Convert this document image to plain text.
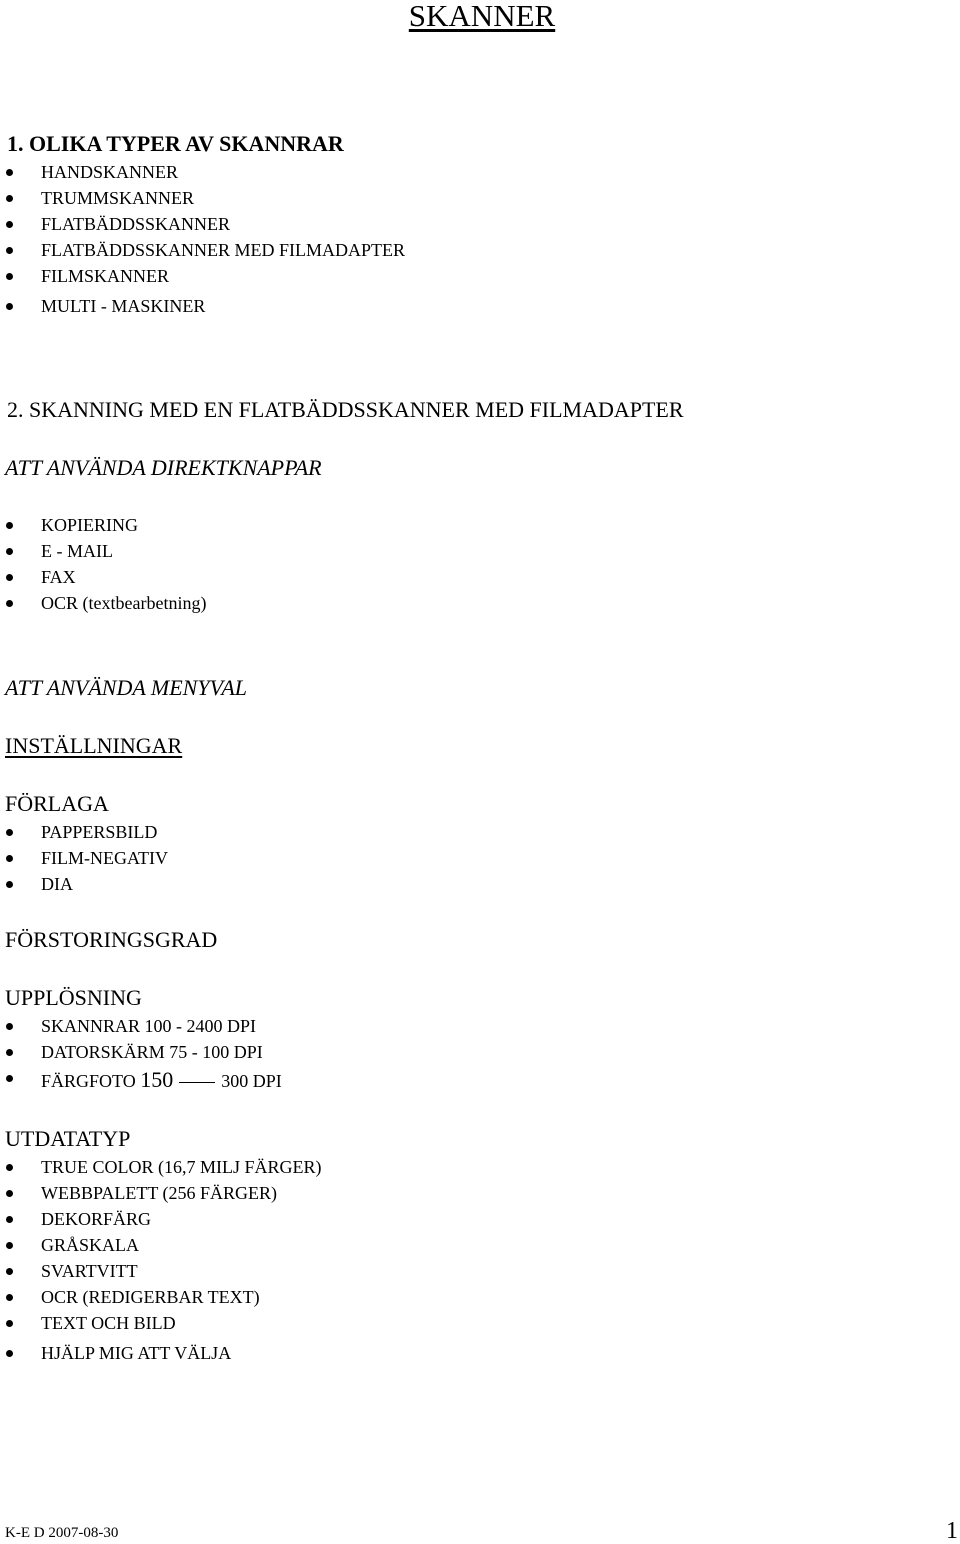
SKANNER
1. OLIKA TYPER AV SKANNRAR
HANDSKANNER
TRUMMSKANNER
FLATBÄDDSSKANNER
FLATBÄDDSSKANNER MED FILMADAPTER
FILMSKANNER
MULTI - MASKINER
2. SKANNING MED EN FLATBÄDDSSKANNER MED FILMADAPTER
ATT ANVÄNDA DIREKTKNAPPAR
KOPIERING
E - MAIL
FAX
OCR (textbearbetning)
ATT ANVÄNDA MENYVAL
INSTÄLLNINGAR
FÖRLAGA
PAPPERSBILD
FILM-NEGATIV
DIA
FÖRSTORINGSGRAD
UPPLÖSNING
SKANNRAR 100 - 2400 DPI
DATORSKÄRM 75 - 100 DPI
FÄRGFOTO 150	300 DPI
UTDATATYP
TRUE COLOR (16,7 MILJ FÄRGER)
WEBBPALETT (256 FÄRGER)
DEKORFÄRG
GRÅSKALA
SVARTVITT
OCR (REDIGERBAR TEXT)
TEXT OCH BILD
HJÄLP MIG ATT VÄLJA
K-E D 2007-08-30	1
